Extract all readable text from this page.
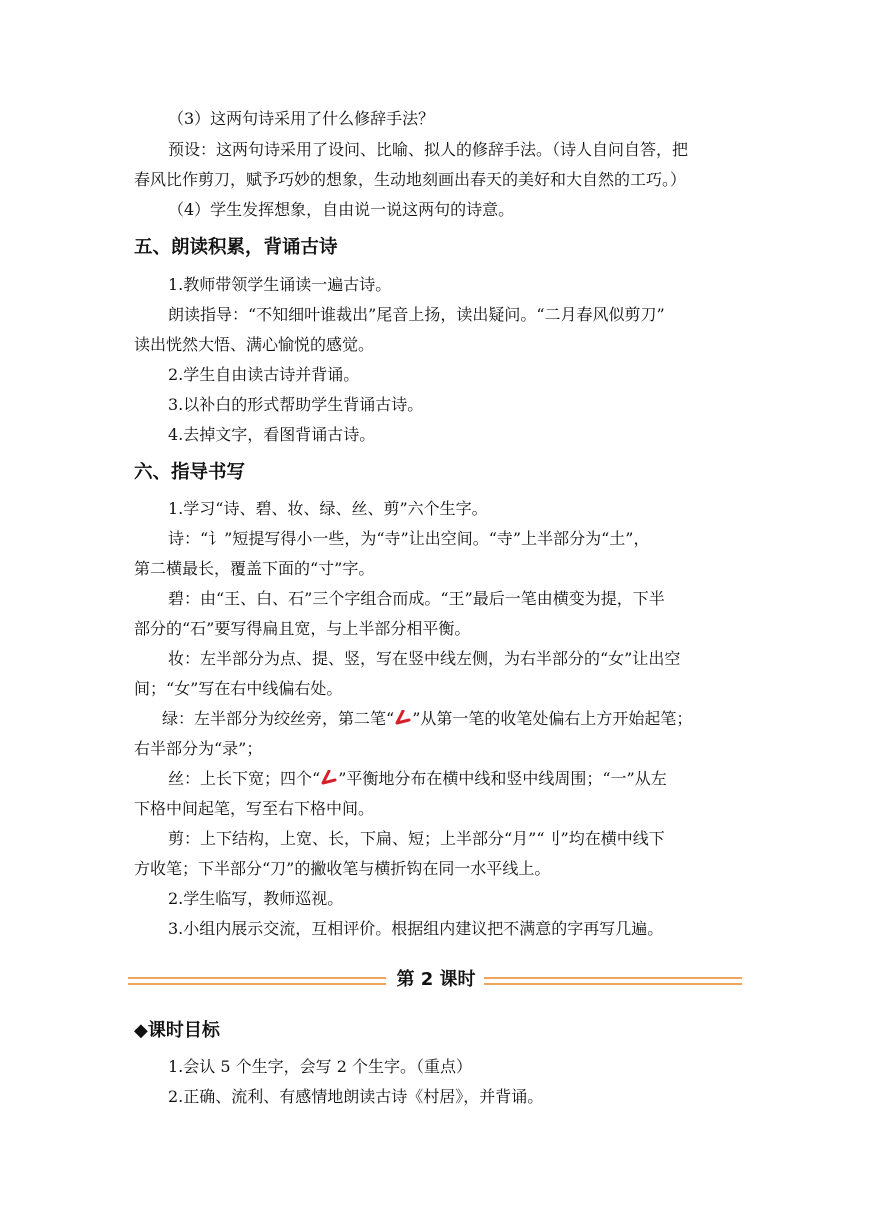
（3）这两句诗采用了什么修辞手法？

预设：这两句诗采用了设问、比喻、拟人的修辞手法。（诗人自问自答，把

春风比作剪刀，赋予巧妙的想象，生动地刻画出春天的美好和大自然的工巧。）

（4）学生发挥想象，自由说一说这两句的诗意。

五、朗读积累，背诵古诗

1.教师带领学生诵读一遍古诗。

朗读指导：“不知细叶谁裁出”尾音上扬，读出疑问。“二月春风似剪刀”

读出恍然大悟、满心愉悦的感觉。

2.学生自由读古诗并背诵。

3.以补白的形式帮助学生背诵古诗。

4.去掉文字，看图背诵古诗。

六、指导书写

1.学习“诗、碧、妆、绿、丝、剪”六个生字。

诗：“讠”短提写得小一些，为“寺”让出空间。“寺”上半部分为“土”，

第二横最长，覆盖下面的“寸”字。

碧：由“王、白、石”三个字组合而成。“王”最后一笔由横变为提，下半

部分的“石”要写得扁且宽，与上半部分相平衡。

妆：左半部分为点、提、竖，写在竖中线左侧，为右半部分的“女”让出空

间；“女”写在右中线偏右处。

绿：左半部分为绞丝旁，第二笔“ ”从第一笔的收笔处偏右上方开始起笔；

右半部分为“录”；

丝：上长下宽；四个“ ”平衡地分布在横中线和竖中线周围；“一”从左

下格中间起笔，写至右下格中间。

剪：上下结构，上宽、长，下扁、短；上半部分“月”“刂”均在横中线下

方收笔；下半部分“刀”的撇收笔与横折钩在同一水平线上。

2.学生临写，教师巡视。

3.小组内展示交流，互相评价。根据组内建议把不满意的字再写几遍。

第 2 课时
◆课时目标

1.会认 5 个生字，会写 2 个生字。（重点）

2.正确、流利、有感情地朗读古诗《村居》，并背诵。
